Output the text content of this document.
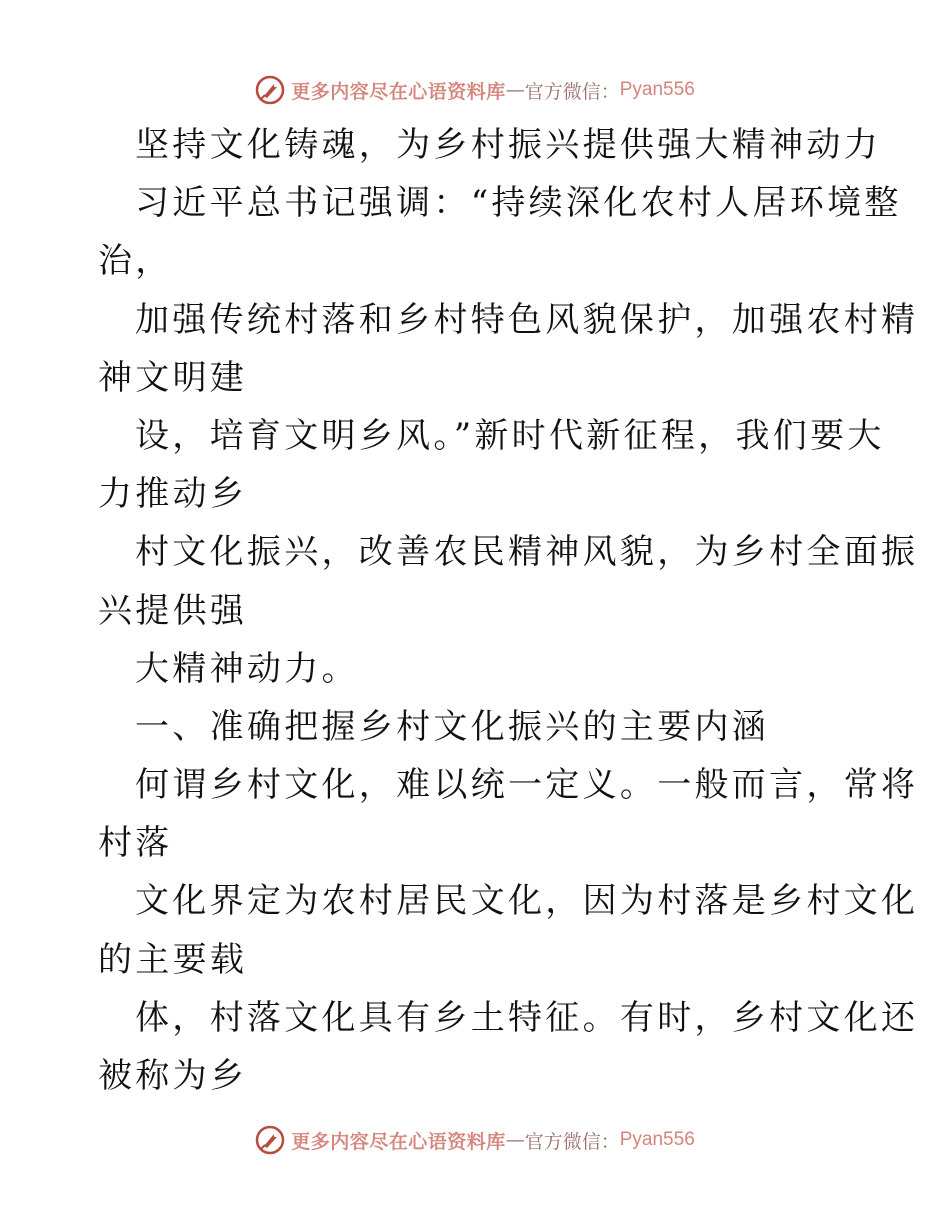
更多内容尽在心语资料库 — 官方微信： Pyan556
坚持文化铸魂，为乡村振兴提供强大精神动力
习近平总书记强调：“持续深化农村人居环境整
治，
加强传统村落和乡村特色风貌保护，加强农村精
神文明建
设，培育文明乡风。”新时代新征程，我们要大
力推动乡
村文化振兴，改善农民精神风貌，为乡村全面振
兴提供强
大精神动力。
一、准确把握乡村文化振兴的主要内涵
何谓乡村文化，难以统一定义。一般而言，常将
村落
文化界定为农村居民文化，因为村落是乡村文化
的主要载
体，村落文化具有乡土特征。有时，乡村文化还
被称为乡
更多内容尽在心语资料库 — 官方微信： Pyan556
